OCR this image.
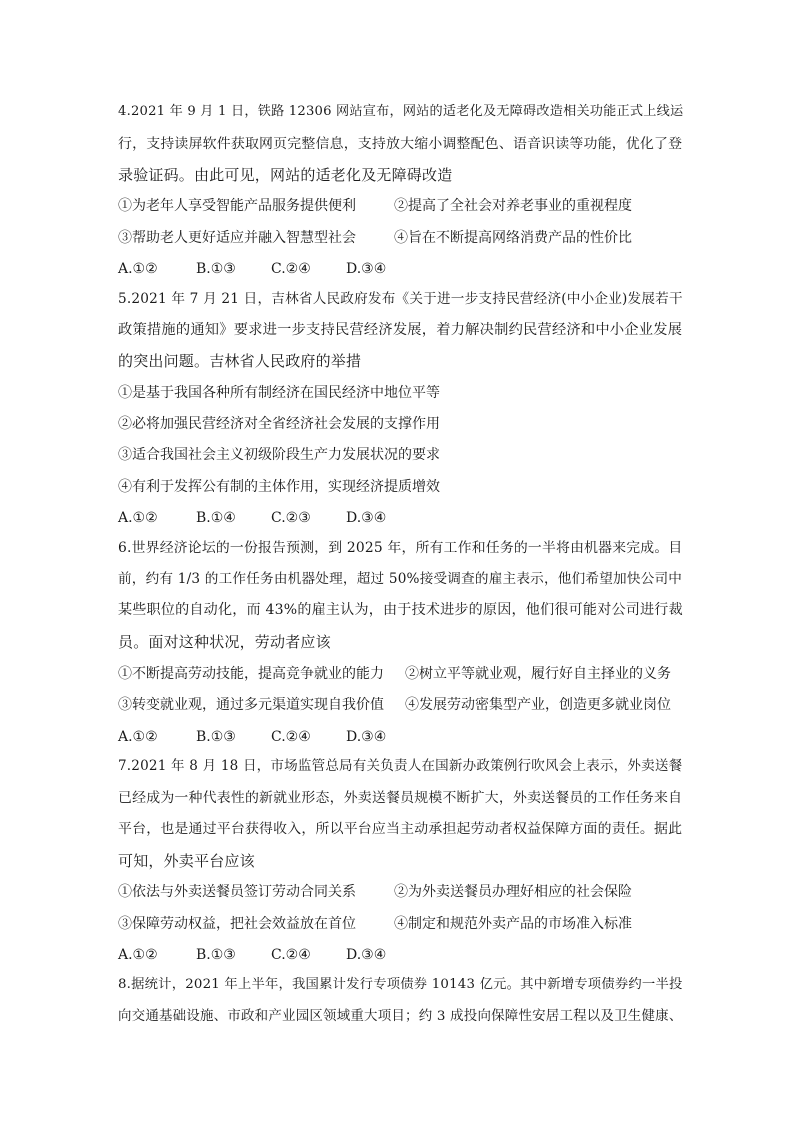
4.2021 年 9 月 1 日，铁路 12306 网站宣布，网站的适老化及无障碍改造相关功能正式上线运
行，支持读屏软件获取网页完整信息，支持放大缩小调整配色、语音识读等功能，优化了登
录验证码。由此可见，网站的适老化及无障碍改造
①为老年人享受智能产品服务提供便利	②提高了全社会对养老事业的重视程度
③帮助老人更好适应并融入智慧型社会	④旨在不断提高网络消费产品的性价比
A.①②	B.①③	C.②④	D.③④
5.2021 年 7 月 21 日，吉林省人民政府发布《关于进一步支持民营经济(中小企业)发展若干
政策措施的通知》要求进一步支持民营经济发展，着力解决制约民营经济和中小企业发展
的突出问题。吉林省人民政府的举措
①是基于我国各种所有制经济在国民经济中地位平等
②必将加强民营经济对全省经济社会发展的支撑作用
③适合我国社会主义初级阶段生产力发展状况的要求
④有利于发挥公有制的主体作用，实现经济提质增效
A.①②	B.①④	C.②③	D.③④
6.世界经济论坛的一份报告预测，到 2025 年，所有工作和任务的一半将由机器来完成。目
前，约有 1/3 的工作任务由机器处理，超过 50%接受调查的雇主表示，他们希望加快公司中
某些职位的自动化，而 43%的雇主认为，由于技术进步的原因，他们很可能对公司进行裁
员。面对这种状况，劳动者应该
①不断提高劳动技能，提高竞争就业的能力 ②树立平等就业观，履行好自主择业的义务
③转变就业观，通过多元渠道实现自我价值 ④发展劳动密集型产业，创造更多就业岗位
A.①②	B.①③	C.②④	D.③④
7.2021 年 8 月 18 日，市场监管总局有关负责人在国新办政策例行吹风会上表示，外卖送餐
已经成为一种代表性的新就业形态，外卖送餐员规模不断扩大，外卖送餐员的工作任务来自
平台，也是通过平台获得收入，所以平台应当主动承担起劳动者权益保障方面的责任。据此
可知，外卖平台应该
①依法与外卖送餐员签订劳动合同关系	②为外卖送餐员办理好相应的社会保险
③保障劳动权益，把社会效益放在首位	④制定和规范外卖产品的市场准入标准
A.①②	B.①③	C.②④	D.③④
8.据统计，2021 年上半年，我国累计发行专项债券 10143 亿元。其中新增专项债券约一半投
向交通基础设施、市政和产业园区领域重大项目；约 3 成投向保障性安居工程以及卫生健康、
